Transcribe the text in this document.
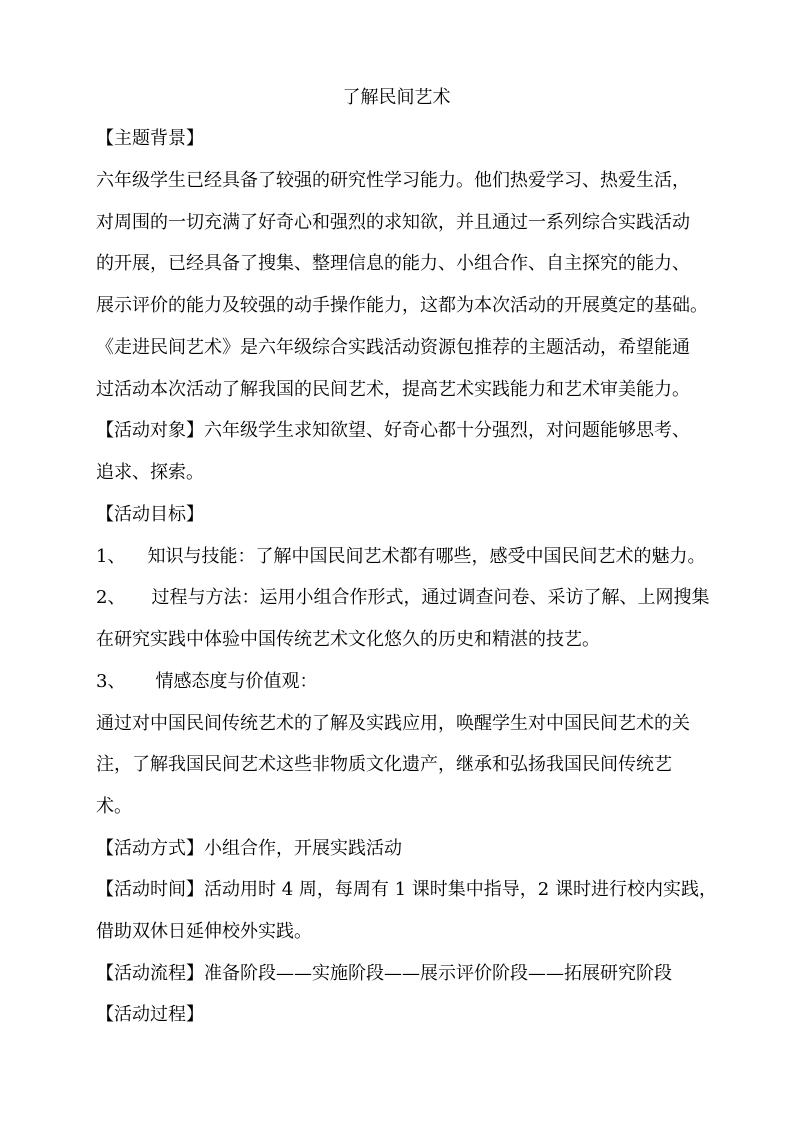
了解民间艺术
【主题背景】
六年级学生已经具备了较强的研究性学习能力。他们热爱学习、热爱生活，
对周围的一切充满了好奇心和强烈的求知欲，并且通过一系列综合实践活动
的开展，已经具备了搜集、整理信息的能力、小组合作、自主探究的能力、
展示评价的能力及较强的动手操作能力，这都为本次活动的开展奠定的基础。
《走进民间艺术》是六年级综合实践活动资源包推荐的主题活动，希望能通
过活动本次活动了解我国的民间艺术，提高艺术实践能力和艺术审美能力。
【活动对象】六年级学生求知欲望、好奇心都十分强烈，对问题能够思考、
追求、探索。
【活动目标】
1、 知识与技能：了解中国民间艺术都有哪些，感受中国民间艺术的魅力。
2、 过程与方法：运用小组合作形式，通过调查问卷、采访了解、上网搜集
在研究实践中体验中国传统艺术文化悠久的历史和精湛的技艺。
3、 情感态度与价值观：
通过对中国民间传统艺术的了解及实践应用，唤醒学生对中国民间艺术的关
注，了解我国民间艺术这些非物质文化遗产，继承和弘扬我国民间传统艺
术。
【活动方式】小组合作，开展实践活动
【活动时间】活动用时 4 周，每周有 1 课时集中指导，2 课时进行校内实践，
借助双休日延伸校外实践。
【活动流程】准备阶段——实施阶段——展示评价阶段——拓展研究阶段
【活动过程】
